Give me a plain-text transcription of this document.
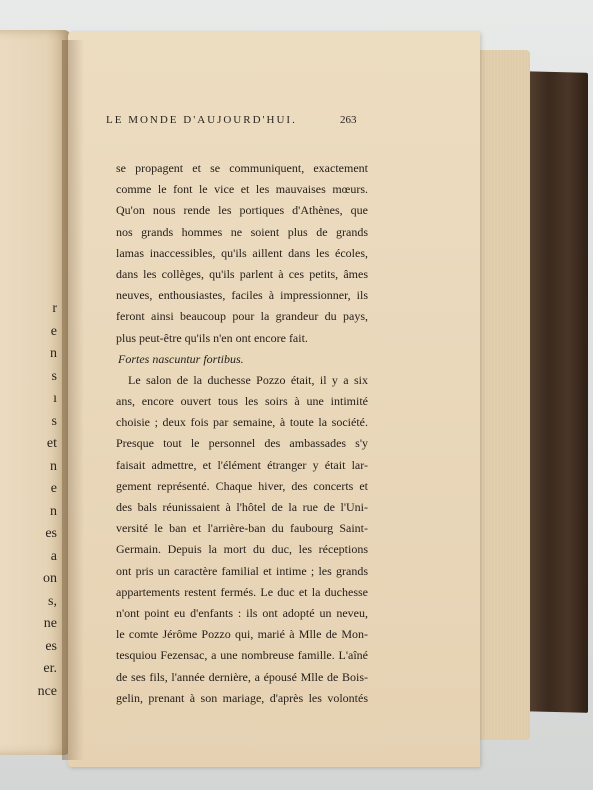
r
e
n
s
ı
s
et
n
e
n
es
a
on
s,
ne
es
er.
nce
LE MONDE D'AUJOURD'HUI.	263
se propagent et se communiquent, exactement
comme le font le vice et les mauvaises mœurs.
Qu'on nous rende les portiques d'Athènes, que
nos grands hommes ne soient plus de grands
lamas inaccessibles, qu'ils aillent dans les écoles,
dans les collèges, qu'ils parlent à ces petits, âmes
neuves, enthousiastes, faciles à impressionner, ils
feront ainsi beaucoup pour la grandeur du pays,
plus peut-être qu'ils n'en ont encore fait.
Fortes nascuntur fortibus.
Le salon de la duchesse Pozzo était, il y a six
ans, encore ouvert tous les soirs à une intimité
choisie ; deux fois par semaine, à toute la société.
Presque tout le personnel des ambassades s'y
faisait admettre, et l'élément étranger y était lar-
gement représenté. Chaque hiver, des concerts et
des bals réunissaient à l'hôtel de la rue de l'Uni-
versité le ban et l'arrière-ban du faubourg Saint-
Germain. Depuis la mort du duc, les réceptions
ont pris un caractère familial et intime ; les grands
appartements restent fermés. Le duc et la duchesse
n'ont point eu d'enfants : ils ont adopté un neveu,
le comte Jérôme Pozzo qui, marié à Mlle de Mon-
tesquiou Fezensac, a une nombreuse famille. L'aîné
de ses fils, l'année dernière, a épousé Mlle de Bois-
gelin, prenant à son mariage, d'après les volontés
